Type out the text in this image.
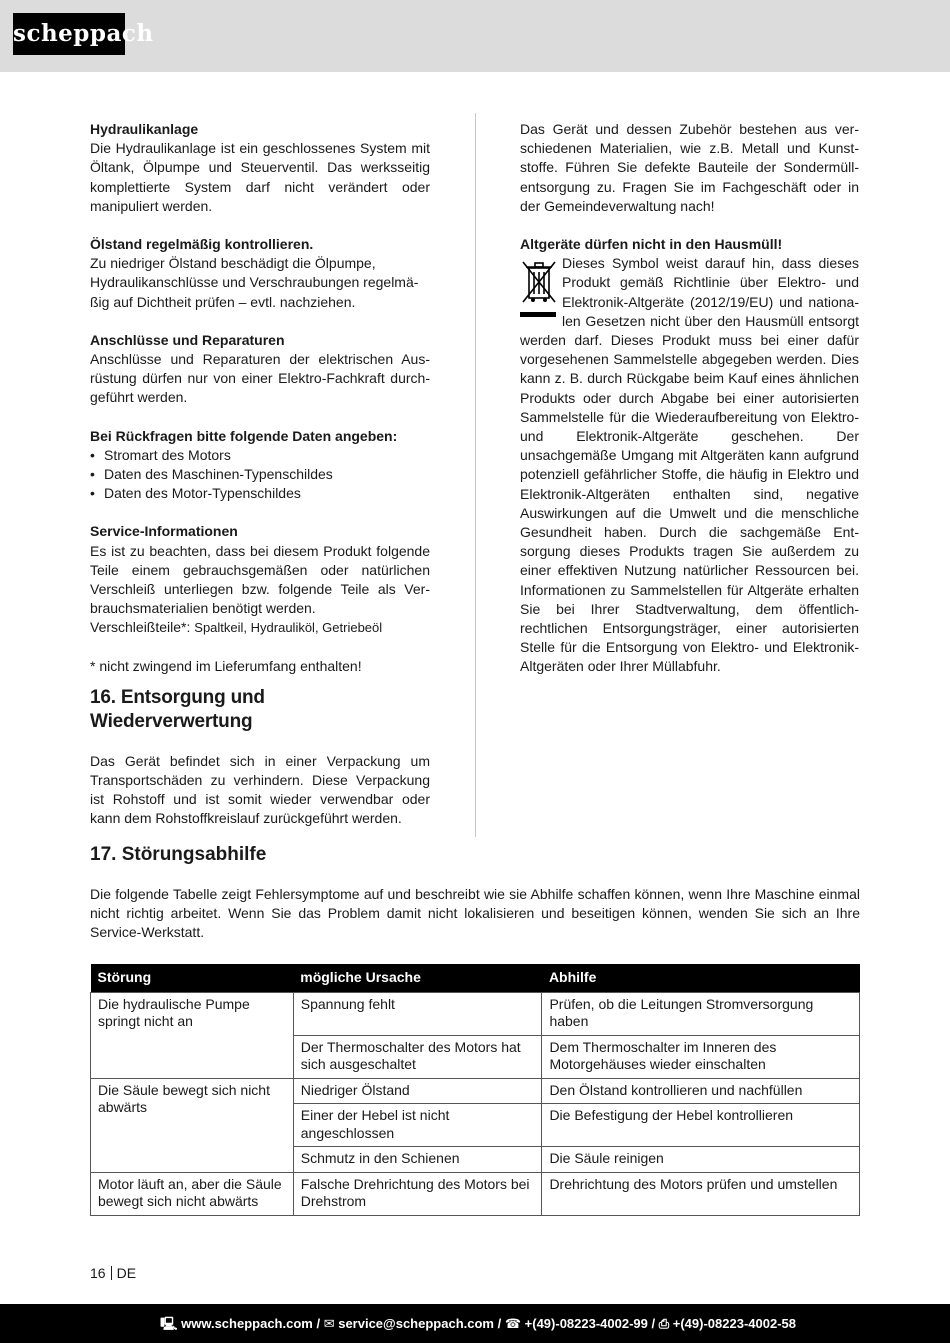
scheppach
Hydraulikanlage
Die Hydraulikanlage ist ein geschlossenes System mit Öltank, Ölpumpe und Steuerventil. Das werksseitig komplettierte System darf nicht verändert oder manipuliert werden.
Ölstand regelmäßig kontrollieren.
Zu niedriger Ölstand beschädigt die Ölpumpe, Hydraulikanschlüsse und Verschraubungen regelmäßig auf Dichtheit prüfen – evtl. nachziehen.
Anschlüsse und Reparaturen
Anschlüsse und Reparaturen der elektrischen Ausrüstung dürfen nur von einer Elektro-Fachkraft durchgeführt werden.
Bei Rückfragen bitte folgende Daten angeben:
• Stromart des Motors
• Daten des Maschinen-Typenschildes
• Daten des Motor-Typenschildes
Service-Informationen
Es ist zu beachten, dass bei diesem Produkt folgende Teile einem gebrauchsgemäßen oder natürlichen Verschleiß unterliegen bzw. folgende Teile als Verbrauchsmaterialien benötigt werden.
Verschleißteile*: Spaltkeil, Hydrauliköl, Getriebeöl
* nicht zwingend im Lieferumfang enthalten!
16. Entsorgung und Wiederverwertung
Das Gerät befindet sich in einer Verpackung um Transportschäden zu verhindern. Diese Verpackung ist Rohstoff und ist somit wieder verwendbar oder kann dem Rohstoffkreislauf zurückgeführt werden.
Das Gerät und dessen Zubehör bestehen aus verschiedenen Materialien, wie z.B. Metall und Kunststoffe. Führen Sie defekte Bauteile der Sondermüllentsorgung zu. Fragen Sie im Fachgeschäft oder in der Gemeindeverwaltung nach!
Altgeräte dürfen nicht in den Hausmüll!
Dieses Symbol weist darauf hin, dass dieses Produkt gemäß Richtlinie über Elektro- und Elektronik-Altgeräte (2012/19/EU) und nationalen Gesetzen nicht über den Hausmüll entsorgt werden darf. Dieses Produkt muss bei einer dafür vorgesehenen Sammelstelle abgegeben werden. Dies kann z. B. durch Rückgabe beim Kauf eines ähnlichen Produkts oder durch Abgabe bei einer autorisierten Sammelstelle für die Wiederaufbereitung von Elektro- und Elektronik-Altgeräte geschehen. Der unsachgemäße Umgang mit Altgeräten kann aufgrund potenziell gefährlicher Stoffe, die häufig in Elektro und Elektronik-Altgeräten enthalten sind, negative Auswirkungen auf die Umwelt und die menschliche Gesundheit haben. Durch die sachgemäße Entsorgung dieses Produkts tragen Sie außerdem zu einer effektiven Nutzung natürlicher Ressourcen bei. Informationen zu Sammelstellen für Altgeräte erhalten Sie bei Ihrer Stadtverwaltung, dem öffentlichrechtlichen Entsorgungsträger, einer autorisierten Stelle für die Entsorgung von Elektro- und Elektronik-Altgeräten oder Ihrer Müllabfuhr.
17. Störungsabhilfe
Die folgende Tabelle zeigt Fehlersymptome auf und beschreibt wie sie Abhilfe schaffen können, wenn Ihre Maschine einmal nicht richtig arbeitet. Wenn Sie das Problem damit nicht lokalisieren und beseitigen können, wenden Sie sich an Ihre Service-Werkstatt.
Störung	mögliche Ursache	Abhilfe
Die hydraulische Pumpe springt nicht an	Spannung fehlt	Prüfen, ob die Leitungen Stromversorgung haben
	Der Thermoschalter des Motors hat sich ausgeschaltet	Dem Thermoschalter im Inneren des Motorgehäuses wieder einschalten
Die Säule bewegt sich nicht abwärts	Niedriger Ölstand	Den Ölstand kontrollieren und nachfüllen
	Einer der Hebel ist nicht angeschlossen	Die Befestigung der Hebel kontrollieren
	Schmutz in den Schienen	Die Säule reinigen
Motor läuft an, aber die Säule bewegt sich nicht abwärts	Falsche Drehrichtung des Motors bei Drehstrom	Drehrichtung des Motors prüfen und umstellen
16 DE
🖳 www.scheppach.com / ✉ service@scheppach.com / ☎ +(49)-08223-4002-99 / ⎙ +(49)-08223-4002-58
